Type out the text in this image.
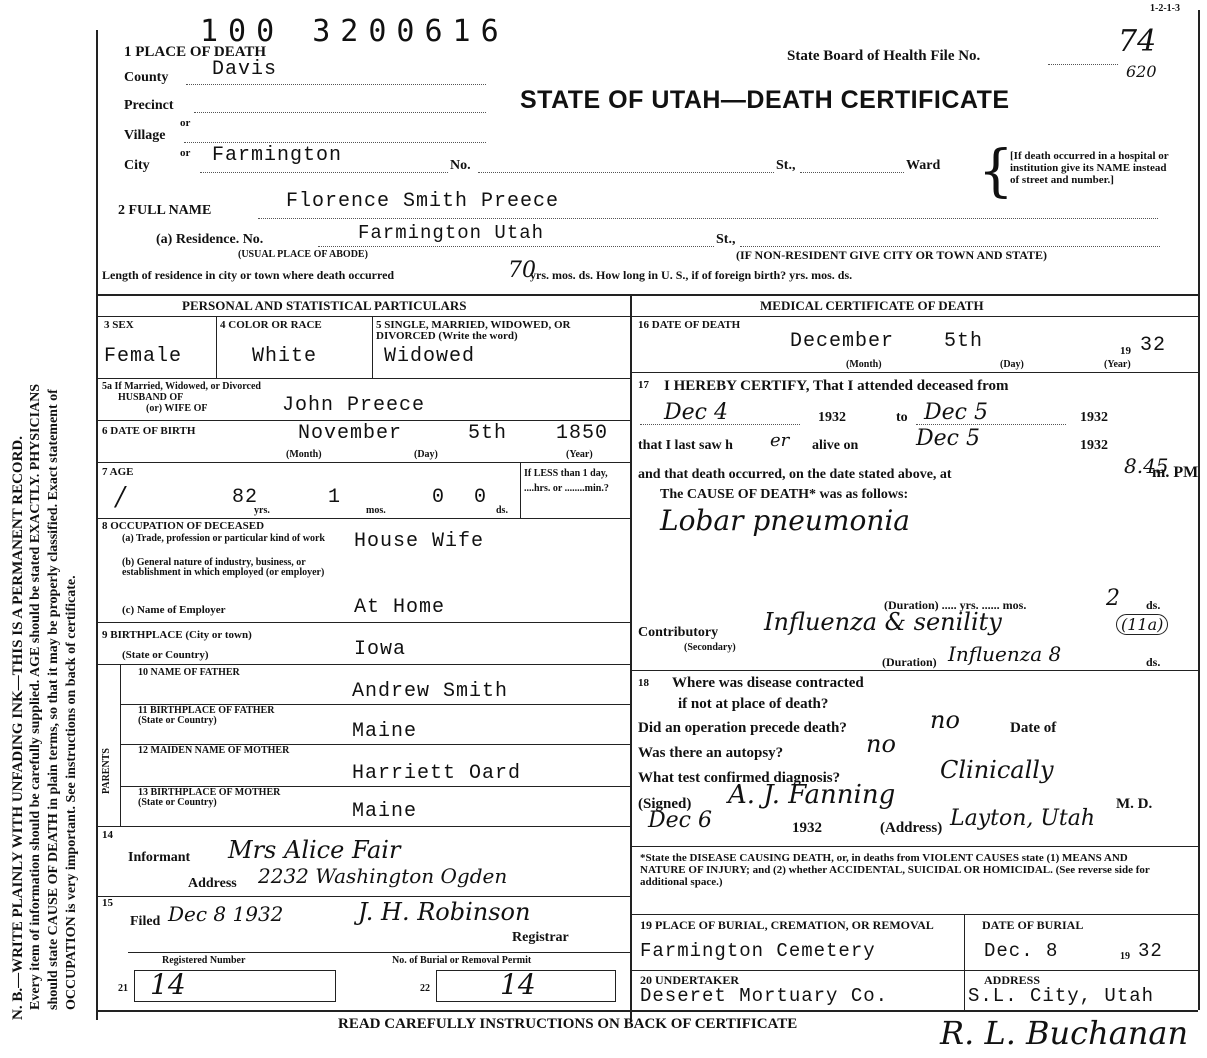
N. B.—WRITE PLAINLY WITH UNFADING INK—THIS IS A PERMANENT RECORD. Every item of information should be carefully supplied. AGE should be stated EXACTLY. PHYSICIANS should state CAUSE OF DEATH in plain terms, so that it may be properly classified. Exact statement of OCCUPATION is very important. See instructions on back of certificate.
100 3200616
1-2-1-3
State Board of Health File No.	74
620
STATE OF UTAH—DEATH CERTIFICATE
1 PLACE OF DEATH
County Davis
Precinct
or
Village
or
City	Farmington	No.	St.,	Ward {
[If death occurred in a hospital or institution give its NAME instead of street and number.]
2 FULL NAME	Florence Smith Preece
(a) Residence. No.	Farmington Utah	St.,
(USUAL PLACE OF ABODE)	(IF NON-RESIDENT GIVE CITY OR TOWN AND STATE)
Length of residence in city or town where death occurred	70
yrs. mos. ds. How long in U. S., if of foreign birth? yrs. mos. ds.
PERSONAL AND STATISTICAL PARTICULARS	MEDICAL CERTIFICATE OF DEATH
3 SEX
Female
4 COLOR OR RACE
White
5 SINGLE, MARRIED, WIDOWED, OR DIVORCED (Write the word)
Widowed
5a If Married, Widowed, or Divorced
HUSBAND OF
(or) WIFE OF	John Preece
6 DATE OF BIRTH	November	5th 1850
(Month)	(Day)	(Year)
7 AGE
/	82
yrs.
1
mos.
0 0
ds.
If LESS than 1 day, ....hrs. or ........min.?
8 OCCUPATION OF DECEASED
(a) Trade, profession or particular kind of work	House Wife
(b) General nature of industry, business, or establishment in which employed (or employer)
(c) Name of Employer	At Home
9 BIRTHPLACE (City or town)
(State or Country)	Iowa
PARENTS
10 NAME OF FATHER
Andrew Smith
11 BIRTHPLACE OF FATHER (State or Country)	Maine
12 MAIDEN NAME OF MOTHER
Harriett Oard
13 BIRTHPLACE OF MOTHER (State or Country)	Maine
14
Informant Mrs Alice Fair
Address 2232 Washington Ogden
15
Filed Dec 8 1932	J. H. Robinson
Registrar
Registered Number	No. of Burial or Removal Permit
21 14	22	14
16 DATE OF DEATH
December 5th	19 32
(Month)	(Day)	(Year)
17 I HEREBY CERTIFY, That I attended deceased from
Dec 4	1932	to Dec 5	1932
that I last saw h er alive on	Dec 5	1932
and that death occurred, on the date stated above, at	8.45
m. PM
The CAUSE OF DEATH* was as follows:
Lobar pneumonia
(Duration) ..... yrs. ...... mos.	2 ds.
Contributory
(Secondary)
Influenza & senility	(11a)
(Duration) Influenza 8	ds.
18 Where was disease contracted
if not at place of death?
Did an operation precede death?	no	Date of
Was there an autopsy?	no
What test confirmed diagnosis?	Clinically
(Signed) A. J. Fanning	M. D.
Dec 6	1932	(Address) Layton, Utah
*State the DISEASE CAUSING DEATH, or, in deaths from VIOLENT CAUSES state (1) MEANS AND NATURE OF INJURY; and (2) whether ACCIDENTAL, SUICIDAL OR HOMICIDAL. (See reverse side for additional space.)
19 PLACE OF BURIAL, CREMATION, OR REMOVAL
Farmington Cemetery
DATE OF BURIAL
Dec. 8	19 32
20 UNDERTAKER
Deseret Mortuary Co.
ADDRESS
S.L. City, Utah
READ CAREFULLY INSTRUCTIONS ON BACK OF CERTIFICATE	R. L. Buchanan
